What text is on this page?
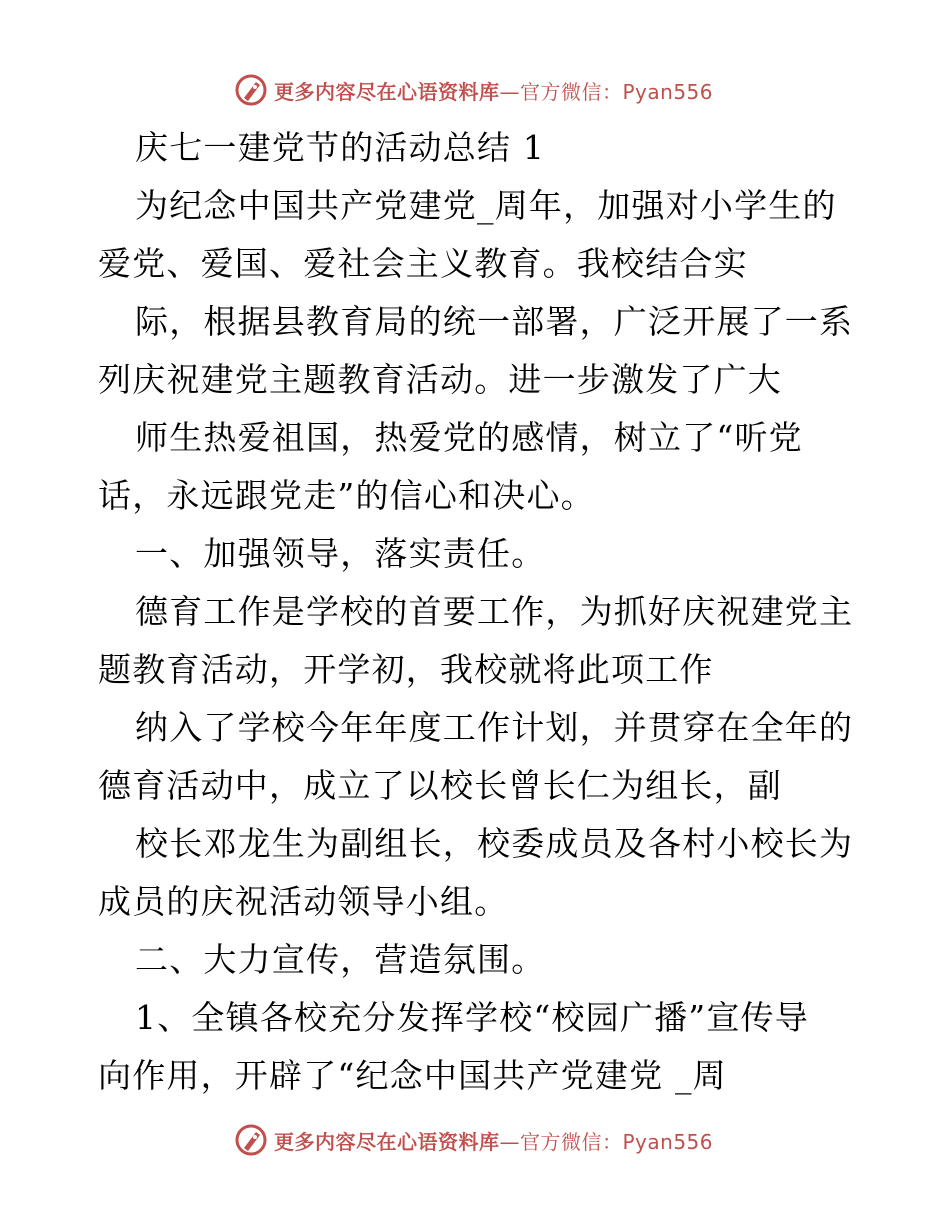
更多内容尽在心语资料库 —官方微信：Pyan556
庆七一建党节的活动总结 1
为纪念中国共产党建党_周年，加强对小学生的
爱党、爱国、爱社会主义教育。我校结合实
际，根据县教育局的统一部署，广泛开展了一系
列庆祝建党主题教育活动。进一步激发了广大
师生热爱祖国，热爱党的感情，树立了“听党
话，永远跟党走”的信心和决心。
一、加强领导，落实责任。
德育工作是学校的首要工作，为抓好庆祝建党主
题教育活动，开学初，我校就将此项工作
纳入了学校今年年度工作计划，并贯穿在全年的
德育活动中，成立了以校长曾长仁为组长，副
校长邓龙生为副组长，校委成员及各村小校长为
成员的庆祝活动领导小组。
二、大力宣传，营造氛围。
1、全镇各校充分发挥学校“校园广播”宣传导
向作用，开辟了“纪念中国共产党建党 _周
更多内容尽在心语资料库 —官方微信：Pyan556
